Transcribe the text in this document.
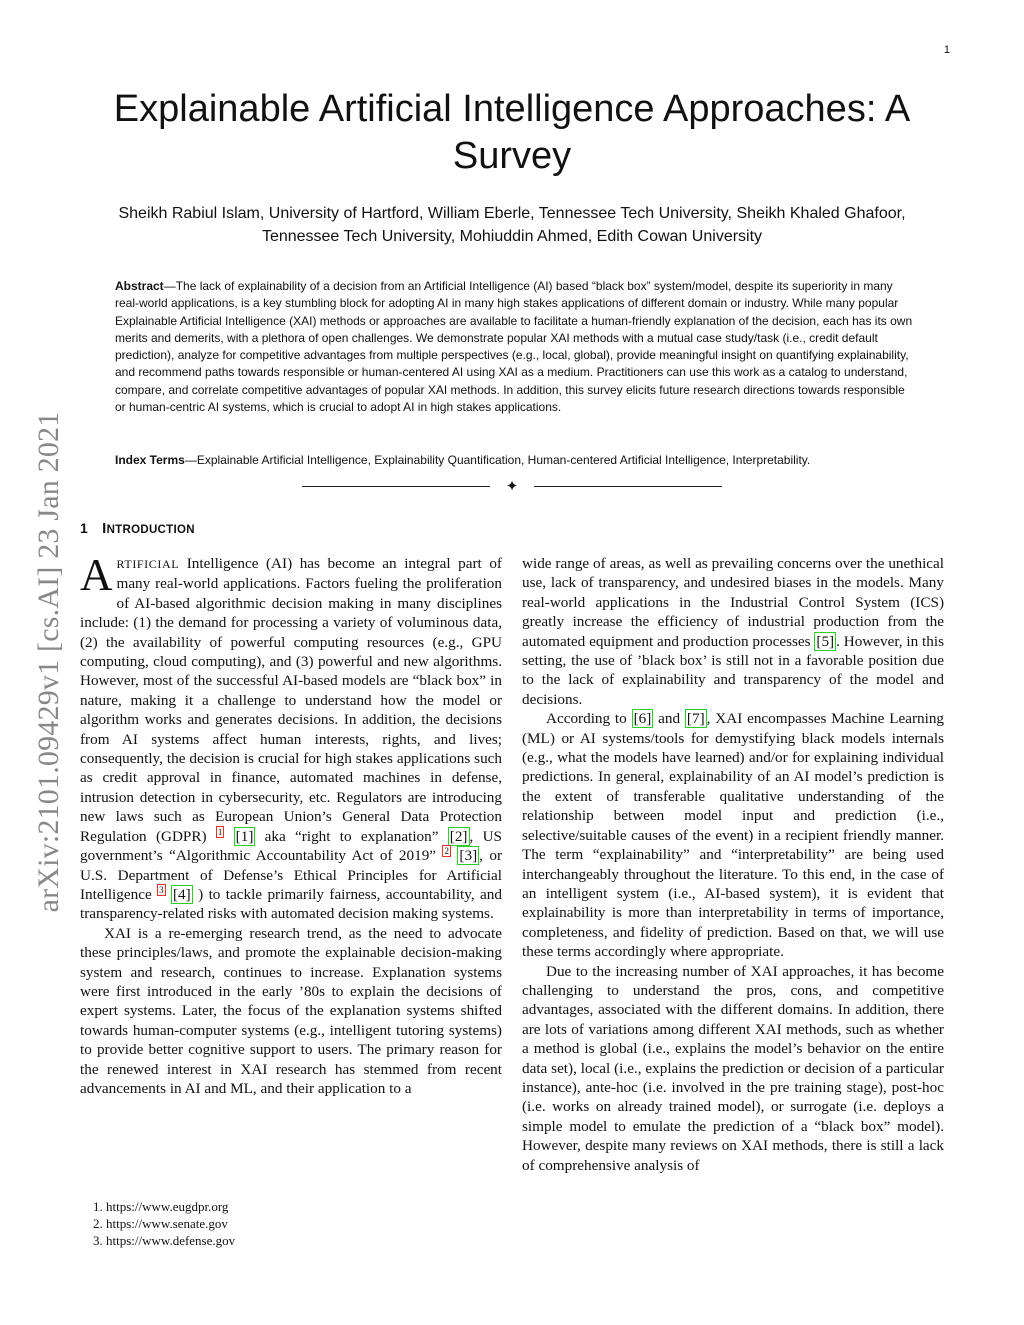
1
arXiv:2101.09429v1 [cs.AI] 23 Jan 2021
Explainable Artificial Intelligence Approaches: A Survey
Sheikh Rabiul Islam, University of Hartford, William Eberle, Tennessee Tech University, Sheikh Khaled Ghafoor, Tennessee Tech University, Mohiuddin Ahmed, Edith Cowan University

Abstract—The lack of explainability of a decision from an Artificial Intelligence (AI) based “black box” system/model, despite its superiority in many real-world applications, is a key stumbling block for adopting AI in many high stakes applications of different domain or industry. While many popular Explainable Artificial Intelligence (XAI) methods or approaches are available to facilitate a human-friendly explanation of the decision, each has its own merits and demerits, with a plethora of open challenges. We demonstrate popular XAI methods with a mutual case study/task (i.e., credit default prediction), analyze for competitive advantages from multiple perspectives (e.g., local, global), provide meaningful insight on quantifying explainability, and recommend paths towards responsible or human-centered AI using XAI as a medium. Practitioners can use this work as a catalog to understand, compare, and correlate competitive advantages of popular XAI methods. In addition, this survey elicits future research directions towards responsible or human-centric AI systems, which is crucial to adopt AI in high stakes applications.

Index Terms—Explainable Artificial Intelligence, Explainability Quantification, Human-centered Artificial Intelligence, Interpretability.

✦
1 INTRODUCTION

ARTIFICIAL Intelligence (AI) has become an integral part of many real-world applications. Factors fueling the proliferation of AI-based algorithmic decision making in many disciplines include: (1) the demand for processing a variety of voluminous data, (2) the availability of powerful computing resources (e.g., GPU computing, cloud computing), and (3) powerful and new algorithms. However, most of the successful AI-based models are “black box” in nature, making it a challenge to understand how the model or algorithm works and generates decisions. In addition, the decisions from AI systems affect human interests, rights, and lives; consequently, the decision is crucial for high stakes applications such as credit approval in finance, automated machines in defense, intrusion detection in cybersecurity, etc. Regulators are introducing new laws such as European Union’s General Data Protection Regulation (GDPR) $^1$ [1] aka “right to explanation” [2] , US government’s “Algorithmic Accountability Act of 2019” $^2$ [3] , or U.S. Department of Defense’s Ethical Principles for Artificial Intelligence $^3$ [4] ) to tackle primarily fairness, accountability, and transparency-related risks with automated decision making systems.

XAI is a re-emerging research trend, as the need to advocate these principles/laws, and promote the explainable decision-making system and research, continues to increase. Explanation systems were first introduced in the early ’80s to explain the decisions of expert systems. Later, the focus of the explanation systems shifted towards human-computer systems (e.g., intelligent tutoring systems) to provide better cognitive support to users. The primary reason for the renewed interest in XAI research has stemmed from recent advancements in AI and ML, and their application to a

wide range of areas, as well as prevailing concerns over the unethical use, lack of transparency, and undesired biases in the models. Many real-world applications in the Industrial Control System (ICS) greatly increase the efficiency of industrial production from the automated equipment and production processes [5] . However, in this setting, the use of ’black box’ is still not in a favorable position due to the lack of explainability and transparency of the model and decisions.

According to [6] and [7] , XAI encompasses Machine Learning (ML) or AI systems/tools for demystifying black models internals (e.g., what the models have learned) and/or for explaining individual predictions. In general, explainability of an AI model’s prediction is the extent of transferable qualitative understanding of the relationship between model input and prediction (i.e., selective/suitable causes of the event) in a recipient friendly manner. The term “explainability” and “interpretability” are being used interchangeably throughout the literature. To this end, in the case of an intelligent system (i.e., AI-based system), it is evident that explainability is more than interpretability in terms of importance, completeness, and fidelity of prediction. Based on that, we will use these terms accordingly where appropriate.

Due to the increasing number of XAI approaches, it has become challenging to understand the pros, cons, and competitive advantages, associated with the different domains. In addition, there are lots of variations among different XAI methods, such as whether a method is global (i.e., explains the model’s behavior on the entire data set), local (i.e., explains the prediction or decision of a particular instance), ante-hoc (i.e. involved in the pre training stage), post-hoc (i.e. works on already trained model), or surrogate (i.e. deploys a simple model to emulate the prediction of a “black box” model). However, despite many reviews on XAI methods, there is still a lack of comprehensive analysis of

1. https://www.eugdpr.org
2. https://www.senate.gov
3. https://www.defense.gov
